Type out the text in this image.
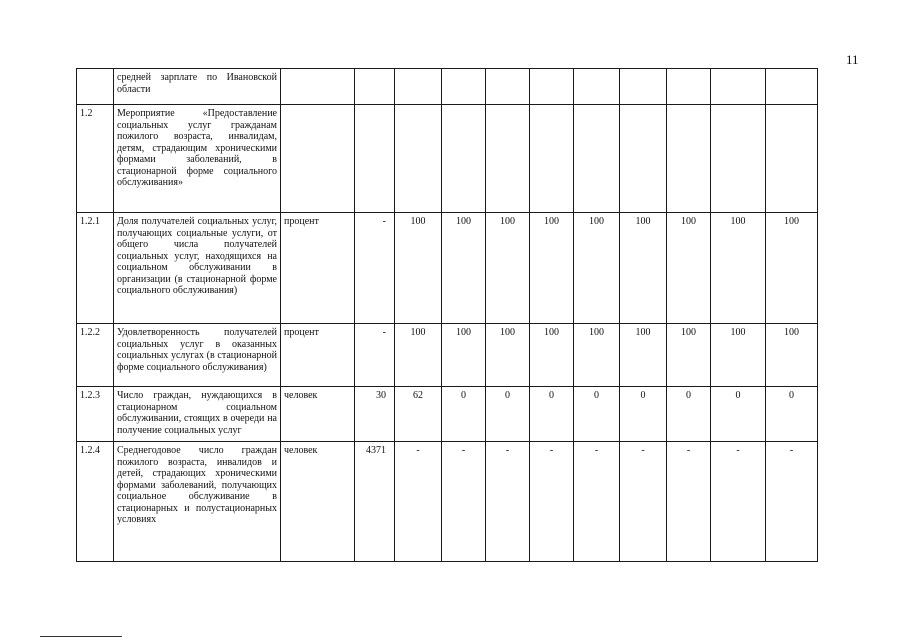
11
	средней зарплате по Ивановской области											
1.2	Мероприятие «Предоставление социальных услуг гражданам пожилого возраста, инвалидам, детям, страдающим хроническими формами заболеваний, в стационарной форме социального обслуживания»											
1.2.1	Доля получателей социальных услуг, получающих социальные услуги, от общего числа получателей социальных услуг, находящихся на социальном обслуживании в организации (в стационарной форме социального обслуживания)	процент	-	100	100	100	100	100	100	100	100	100
1.2.2	Удовлетворенность получателей социальных услуг в оказанных социальных услугах (в стационарной форме социального обслуживания)	процент	-	100	100	100	100	100	100	100	100	100
1.2.3	Число граждан, нуждающихся в стационарном социальном обслуживании, стоящих в очереди на получение социальных услуг	человек	30	62	0	0	0	0	0	0	0	0
1.2.4	Среднегодовое число граждан пожилого возраста, инвалидов и детей, страдающих хроническими формами заболеваний, получающих социальное обслуживание в стационарных и полустационарных условиях	человек	4371	-	-	-	-	-	-	-	-	-
